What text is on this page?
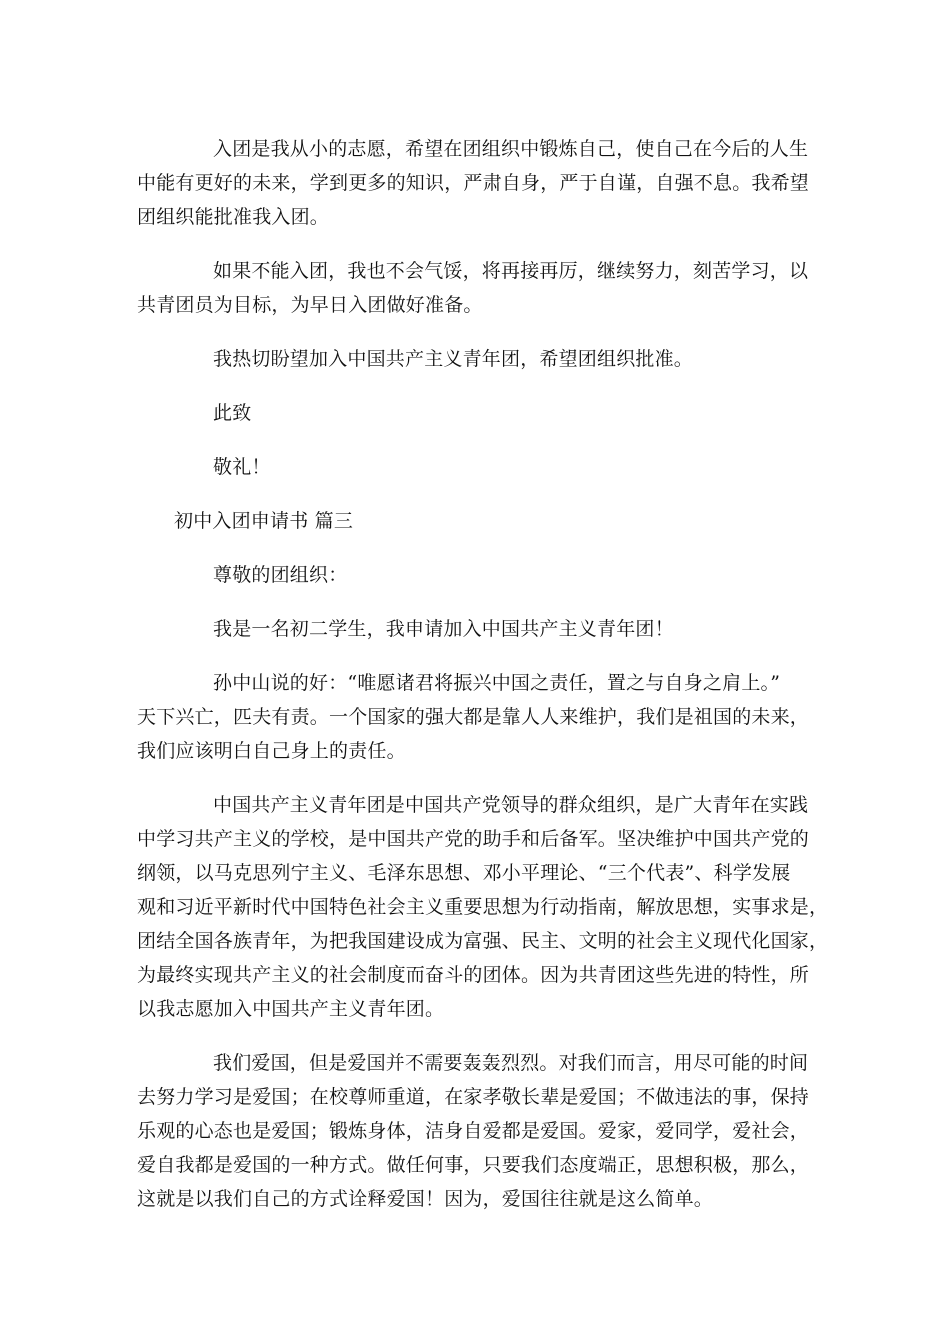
入团是我从小的志愿，希望在团组织中锻炼自己，使自己在今后的人生
中能有更好的未来，学到更多的知识，严肃自身，严于自谨，自强不息。我希望
团组织能批准我入团。
如果不能入团，我也不会气馁，将再接再厉，继续努力，刻苦学习，以
共青团员为目标，为早日入团做好准备。
我热切盼望加入中国共产主义青年团，希望团组织批准。
此致
敬礼！
初中入团申请书 篇三
尊敬的团组织：
我是一名初二学生，我申请加入中国共产主义青年团！
孙中山说的好：“唯愿诸君将振兴中国之责任，置之与自身之肩上。”
天下兴亡，匹夫有责。一个国家的强大都是靠人人来维护，我们是祖国的未来，
我们应该明白自己身上的责任。
中国共产主义青年团是中国共产党领导的群众组织，是广大青年在实践
中学习共产主义的学校，是中国共产党的助手和后备军。坚决维护中国共产党的
纲领，以马克思列宁主义、毛泽东思想、邓小平理论、“三个代表”、科学发展
观和习近平新时代中国特色社会主义重要思想为行动指南，解放思想，实事求是，
团结全国各族青年，为把我国建设成为富强、民主、文明的社会主义现代化国家，
为最终实现共产主义的社会制度而奋斗的团体。因为共青团这些先进的特性，所
以我志愿加入中国共产主义青年团。
我们爱国，但是爱国并不需要轰轰烈烈。对我们而言，用尽可能的时间
去努力学习是爱国；在校尊师重道，在家孝敬长辈是爱国；不做违法的事，保持
乐观的心态也是爱国；锻炼身体，洁身自爱都是爱国。爱家，爱同学，爱社会，
爱自我都是爱国的一种方式。做任何事，只要我们态度端正，思想积极，那么，
这就是以我们自己的方式诠释爱国！因为，爱国往往就是这么简单。
